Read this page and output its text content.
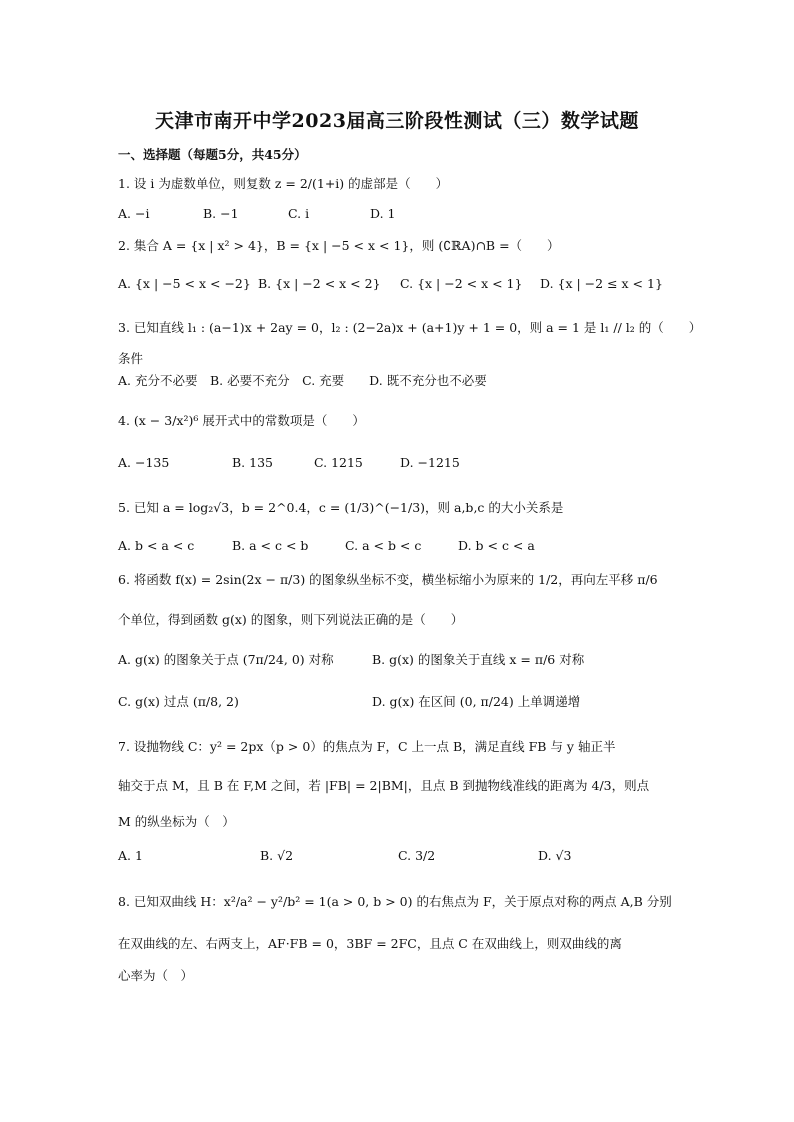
天津市南开中学2023届高三阶段性测试（三）数学试题
一、选择题（每题5分，共45分）
1. 设 i 为虚数单位，则复数 z = 2/(1+i) 的虚部是（　　）
A. −i	B. −1	C. i	D. 1
2. 集合 A = {x | x² > 4}，B = {x | −5 < x < 1}，则 (∁ℝA)∩B =（　　）
A. {x | −5 < x < −2} B. {x | −2 < x < 2} C. {x | −2 < x < 1} D. {x | −2 ≤ x < 1}
3. 已知直线 l₁ : (a−1)x + 2ay = 0，l₂ : (2−2a)x + (a+1)y + 1 = 0，则 a = 1 是 l₁ // l₂ 的（　　）
条件
A. 充分不必要　B. 必要不充分　C. 充要　　D. 既不充分也不必要
4. (x − 3/x²)⁶ 展开式中的常数项是（　　）
A. −135	B. 135	C. 1215	D. −1215
5. 已知 a = log₂√3，b = 2^0.4，c = (1/3)^(−1/3)，则 a,b,c 的大小关系是
A. b < a < c	B. a < c < b	C. a < b < c	D. b < c < a
6. 将函数 f(x) = 2sin(2x − π/3) 的图象纵坐标不变，横坐标缩小为原来的 1/2，再向左平移 π/6
个单位，得到函数 g(x) 的图象，则下列说法正确的是（　　）
A. g(x) 的图象关于点 (7π/24, 0) 对称	B. g(x) 的图象关于直线 x = π/6 对称
C. g(x) 过点 (π/8, 2)	D. g(x) 在区间 (0, π/24) 上单调递增
7. 设抛物线 C：y² = 2px（p > 0）的焦点为 F，C 上一点 B，满足直线 FB 与 y 轴正半
轴交于点 M，且 B 在 F,M 之间，若 |FB| = 2|BM|，且点 B 到抛物线准线的距离为 4/3，则点
M 的纵坐标为（　）
A. 1	B. √2	C. 3/2	D. √3
8. 已知双曲线 H：x²/a² − y²/b² = 1(a > 0, b > 0) 的右焦点为 F，关于原点对称的两点 A,B 分别
在双曲线的左、右两支上，AF·FB = 0，3BF = 2FC，且点 C 在双曲线上，则双曲线的离
心率为（　）
